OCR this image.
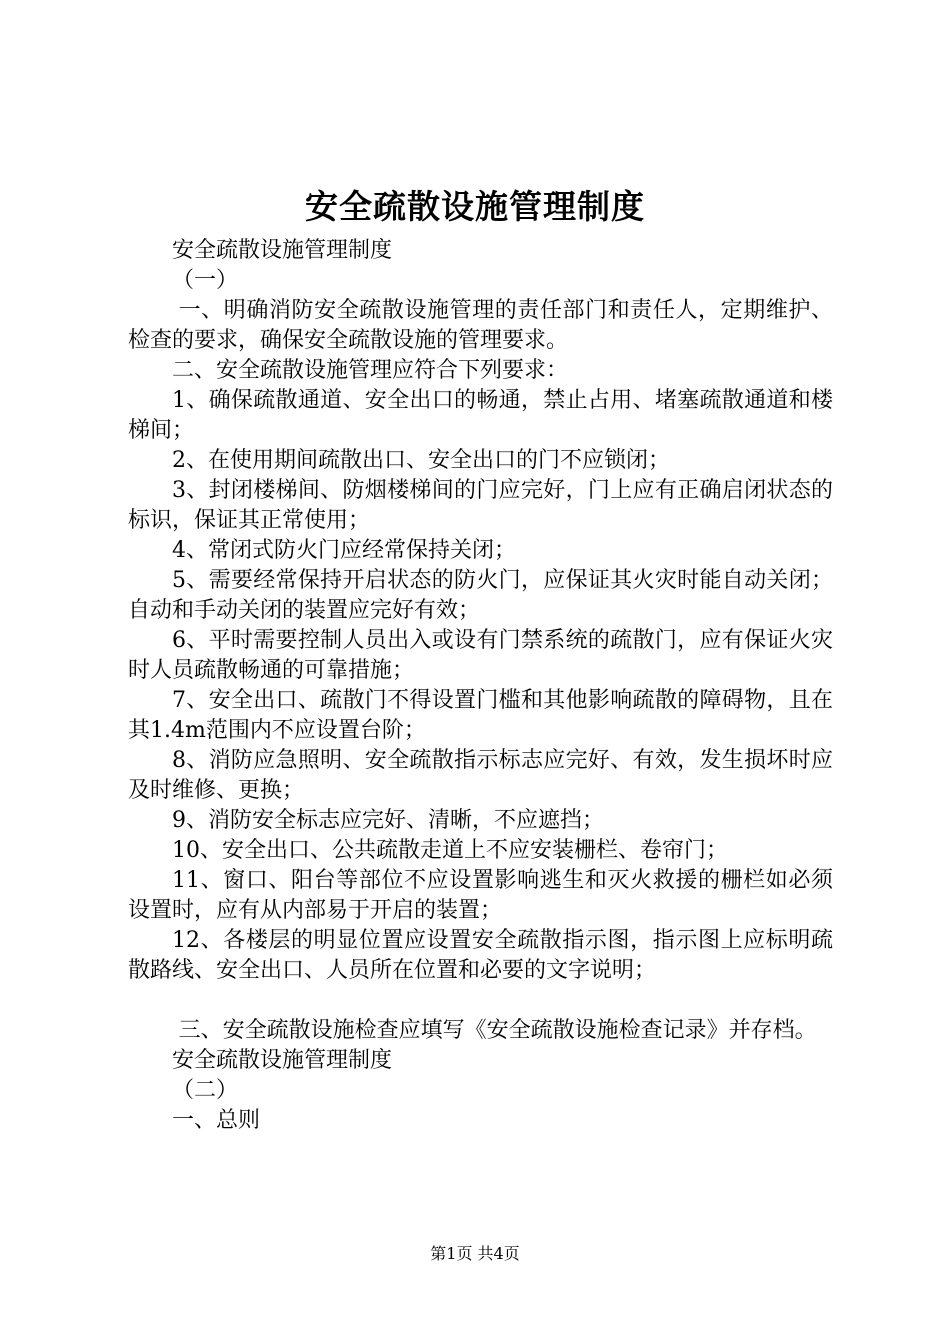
安全疏散设施管理制度

安全疏散设施管理制度

（一）

一、明确消防安全疏散设施管理的责任部门和责任人，定期维护、检查的要求，确保安全疏散设施的管理要求。

二、安全疏散设施管理应符合下列要求：

1、确保疏散通道、安全出口的畅通，禁止占用、堵塞疏散通道和楼梯间；

2、在使用期间疏散出口、安全出口的门不应锁闭；

3、封闭楼梯间、防烟楼梯间的门应完好，门上应有正确启闭状态的标识，保证其正常使用；

4、常闭式防火门应经常保持关闭；

5、需要经常保持开启状态的防火门，应保证其火灾时能自动关闭；自动和手动关闭的装置应完好有效；

6、平时需要控制人员出入或设有门禁系统的疏散门，应有保证火灾时人员疏散畅通的可靠措施；

7、安全出口、疏散门不得设置门槛和其他影响疏散的障碍物，且在其1.4m范围内不应设置台阶；

8、消防应急照明、安全疏散指示标志应完好、有效，发生损坏时应及时维修、更换；

9、消防安全标志应完好、清晰，不应遮挡；

10、安全出口、公共疏散走道上不应安装栅栏、卷帘门；

11、窗口、阳台等部位不应设置影响逃生和灭火救援的栅栏如必须设置时，应有从内部易于开启的装置；

12、各楼层的明显位置应设置安全疏散指示图，指示图上应标明疏散路线、安全出口、人员所在位置和必要的文字说明；

三、安全疏散设施检查应填写《安全疏散设施检查记录》并存档。

安全疏散设施管理制度

（二）

一、总则

第1页 共4页
